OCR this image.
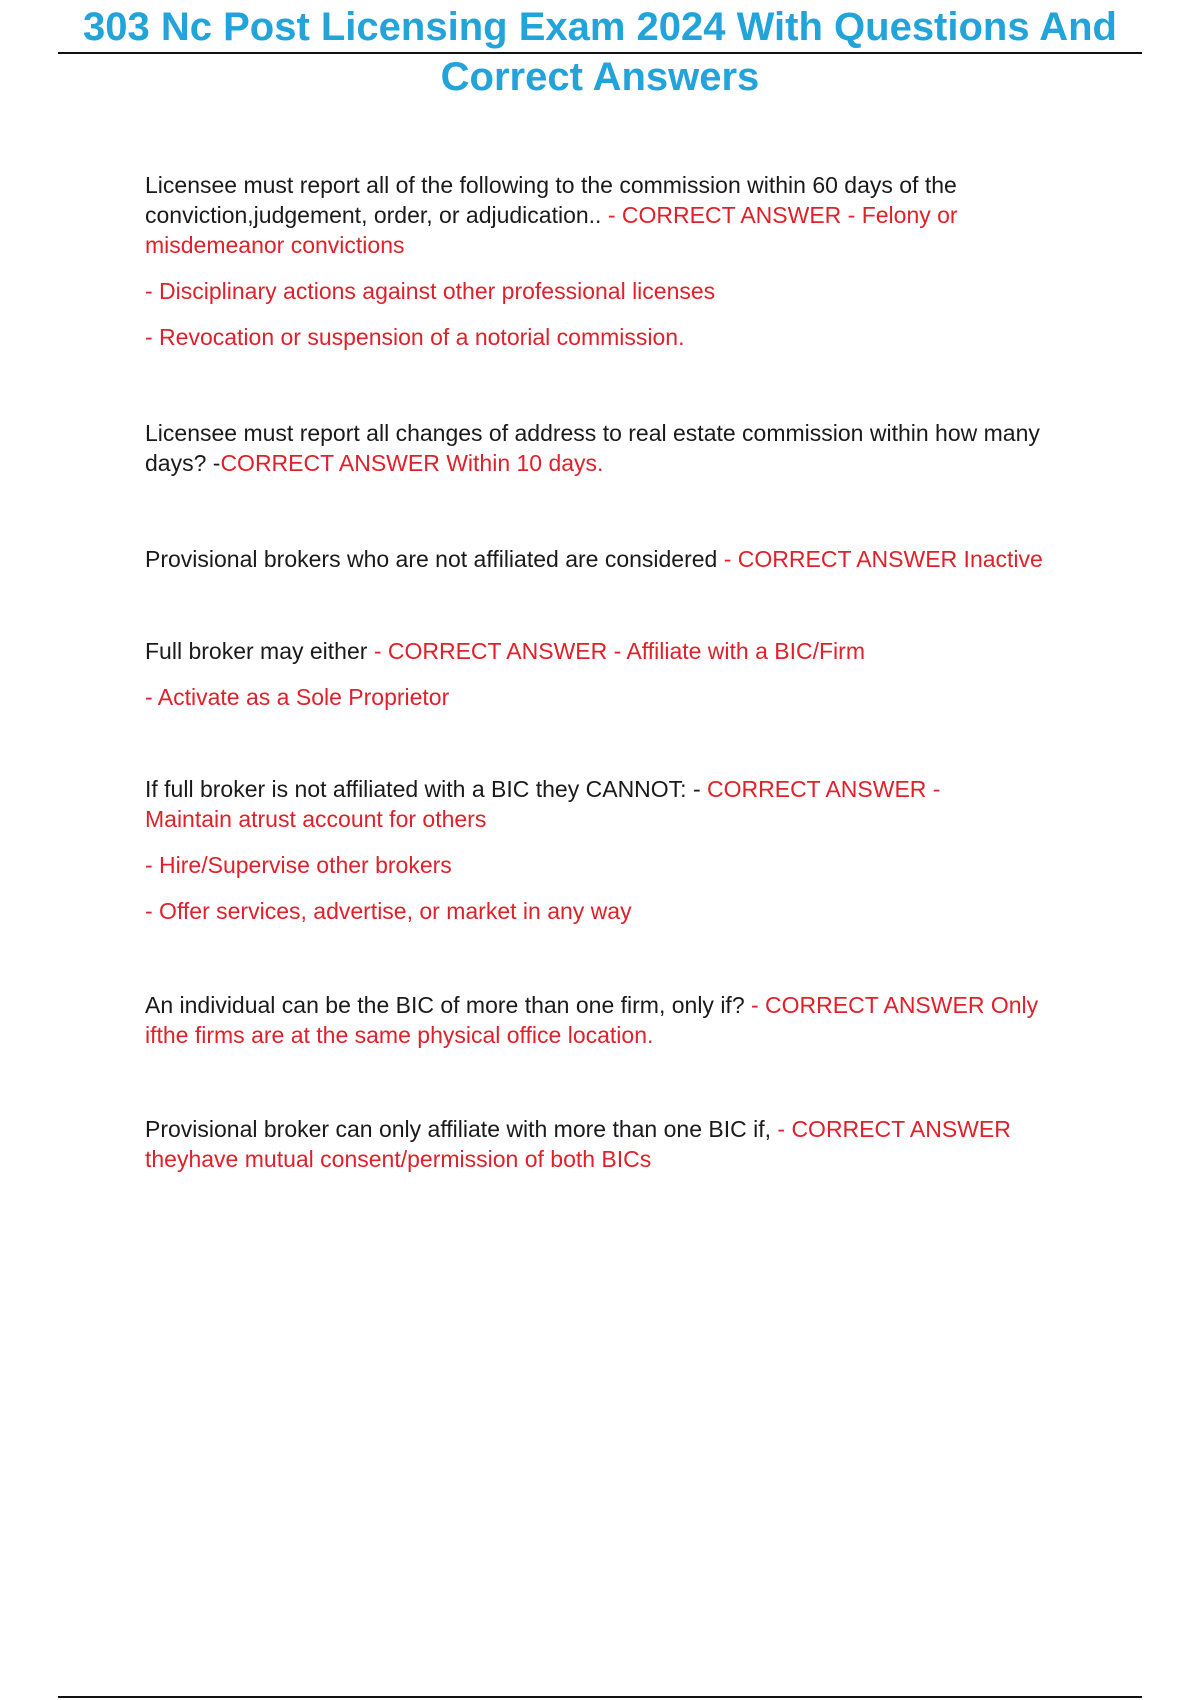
303 Nc Post Licensing Exam 2024 With Questions And
Correct Answers
Licensee must report all of the following to the commission within 60 days of the conviction,judgement, order, or adjudication.. - CORRECT ANSWER - Felony or misdemeanor convictions
- Disciplinary actions against other professional licenses
- Revocation or suspension of a notorial commission.
Licensee must report all changes of address to real estate commission within how many days? -CORRECT ANSWER Within 10 days.
Provisional brokers who are not affiliated are considered - CORRECT ANSWER Inactive
Full broker may either - CORRECT ANSWER - Affiliate with a BIC/Firm
- Activate as a Sole Proprietor
If full broker is not affiliated with a BIC they CANNOT: - CORRECT ANSWER - Maintain atrust account for others
- Hire/Supervise other brokers
- Offer services, advertise, or market in any way
An individual can be the BIC of more than one firm, only if? - CORRECT ANSWER Only ifthe firms are at the same physical office location.
Provisional broker can only affiliate with more than one BIC if, - CORRECT ANSWER theyhave mutual consent/permission of both BICs
